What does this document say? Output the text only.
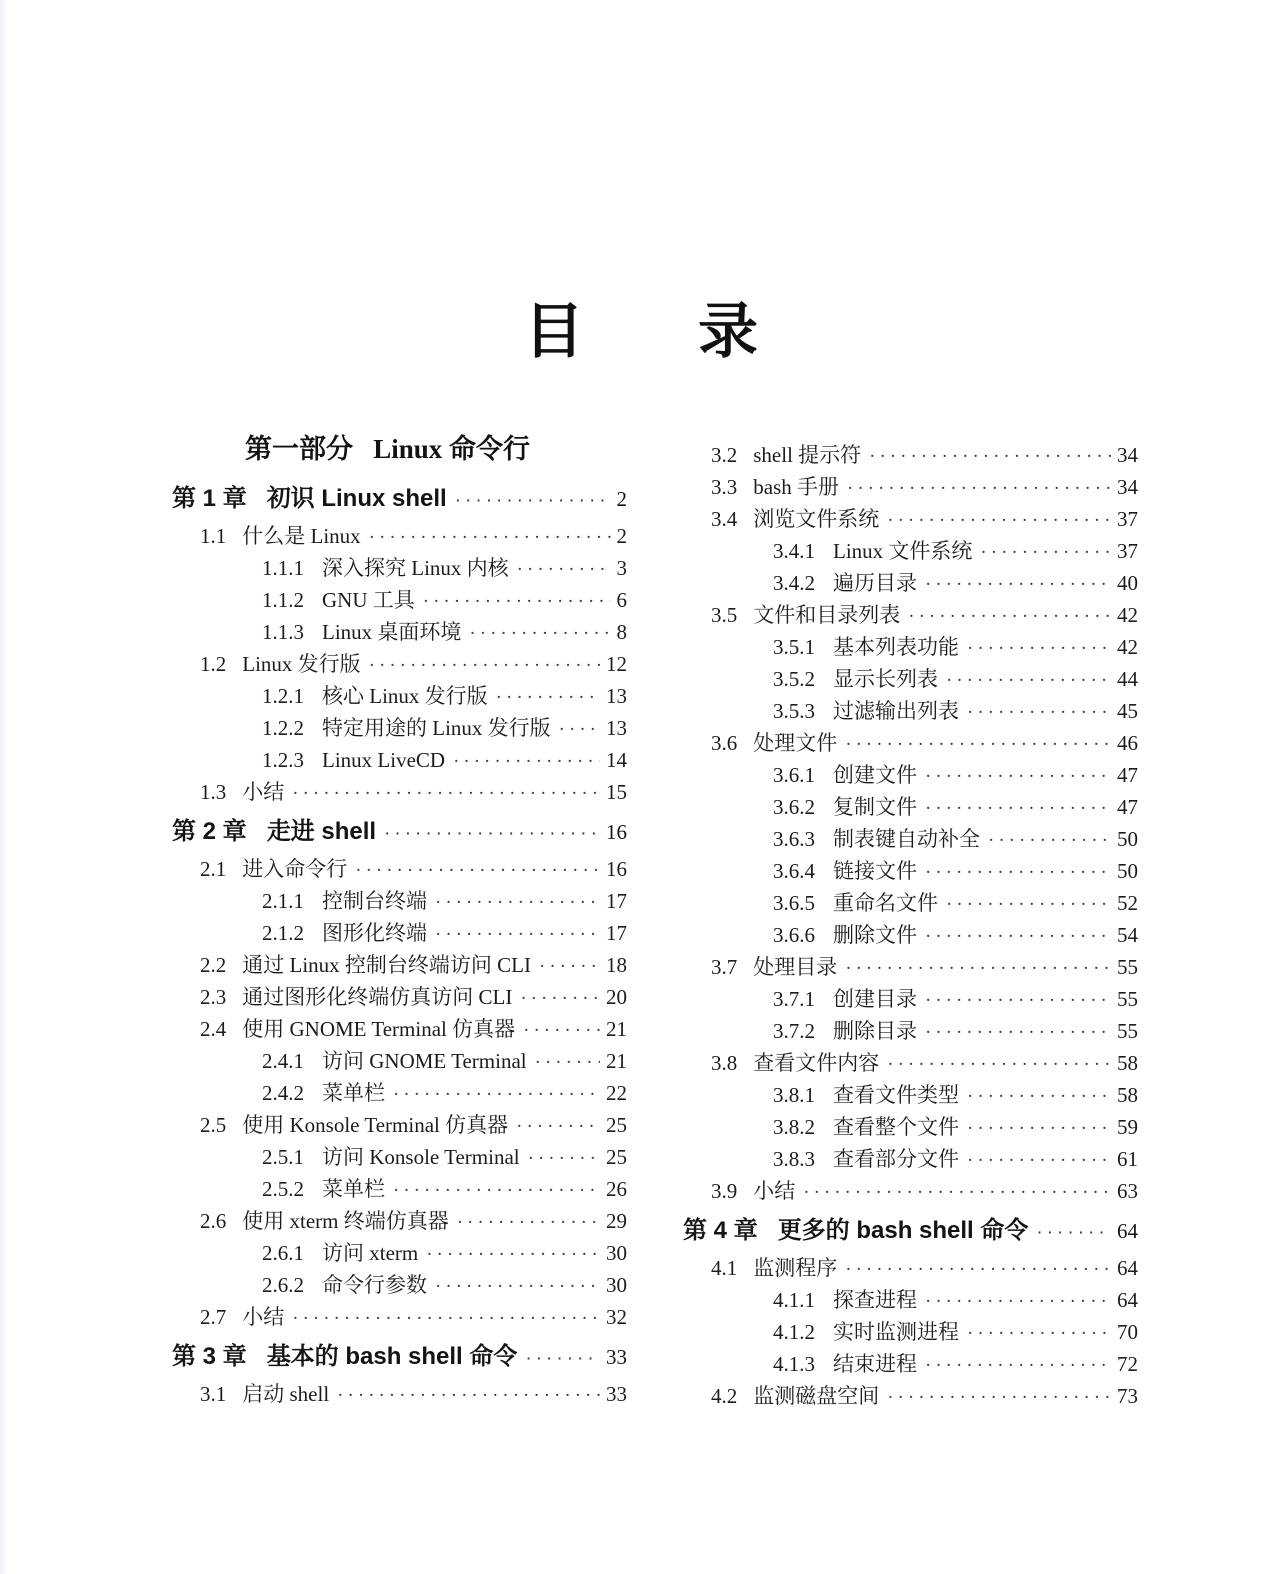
目      录
第一部分   Linux 命令行
第 1 章 初识 Linux shell ·····	2
1.1 什么是 Linux ·····	2
1.1.1 深入探究 Linux 内核 ·····	3
1.1.2 GNU 工具 ·····	6
1.1.3 Linux 桌面环境 ·····	8
1.2 Linux 发行版 ·····	12
1.2.1 核心 Linux 发行版 ·····	13
1.2.2 特定用途的 Linux 发行版 ·····	13
1.2.3 Linux LiveCD ·····	14
1.3 小结 ·····	15
第 2 章 走进 shell ·····	16
2.1 进入命令行 ·····	16
2.1.1 控制台终端 ·····	17
2.1.2 图形化终端 ·····	17
2.2 通过 Linux 控制台终端访问 CLI ·····	18
2.3 通过图形化终端仿真访问 CLI ·····	20
2.4 使用 GNOME Terminal 仿真器 ·····	21
2.4.1 访问 GNOME Terminal ·····	21
2.4.2 菜单栏 ·····	22
2.5 使用 Konsole Terminal 仿真器 ·····	25
2.5.1 访问 Konsole Terminal ·····	25
2.5.2 菜单栏 ·····	26
2.6 使用 xterm 终端仿真器 ·····	29
2.6.1 访问 xterm ·····	30
2.6.2 命令行参数 ·····	30
2.7 小结 ·····	32
第 3 章 基本的 bash shell 命令 ·····	33
3.1 启动 shell ·····	33
3.2 shell 提示符 ·····	34
3.3 bash 手册 ·····	34
3.4 浏览文件系统 ·····	37
3.4.1 Linux 文件系统 ·····	37
3.4.2 遍历目录 ·····	40
3.5 文件和目录列表 ·····	42
3.5.1 基本列表功能 ·····	42
3.5.2 显示长列表 ·····	44
3.5.3 过滤输出列表 ·····	45
3.6 处理文件 ·····	46
3.6.1 创建文件 ·····	47
3.6.2 复制文件 ·····	47
3.6.3 制表键自动补全 ·····	50
3.6.4 链接文件 ·····	50
3.6.5 重命名文件 ·····	52
3.6.6 删除文件 ·····	54
3.7 处理目录 ·····	55
3.7.1 创建目录 ·····	55
3.7.2 删除目录 ·····	55
3.8 查看文件内容 ·····	58
3.8.1 查看文件类型 ·····	58
3.8.2 查看整个文件 ·····	59
3.8.3 查看部分文件 ·····	61
3.9 小结 ·····	63
第 4 章 更多的 bash shell 命令 ·····	64
4.1 监测程序 ·····	64
4.1.1 探查进程 ·····	64
4.1.2 实时监测进程 ·····	70
4.1.3 结束进程 ·····	72
4.2 监测磁盘空间 ·····	73
